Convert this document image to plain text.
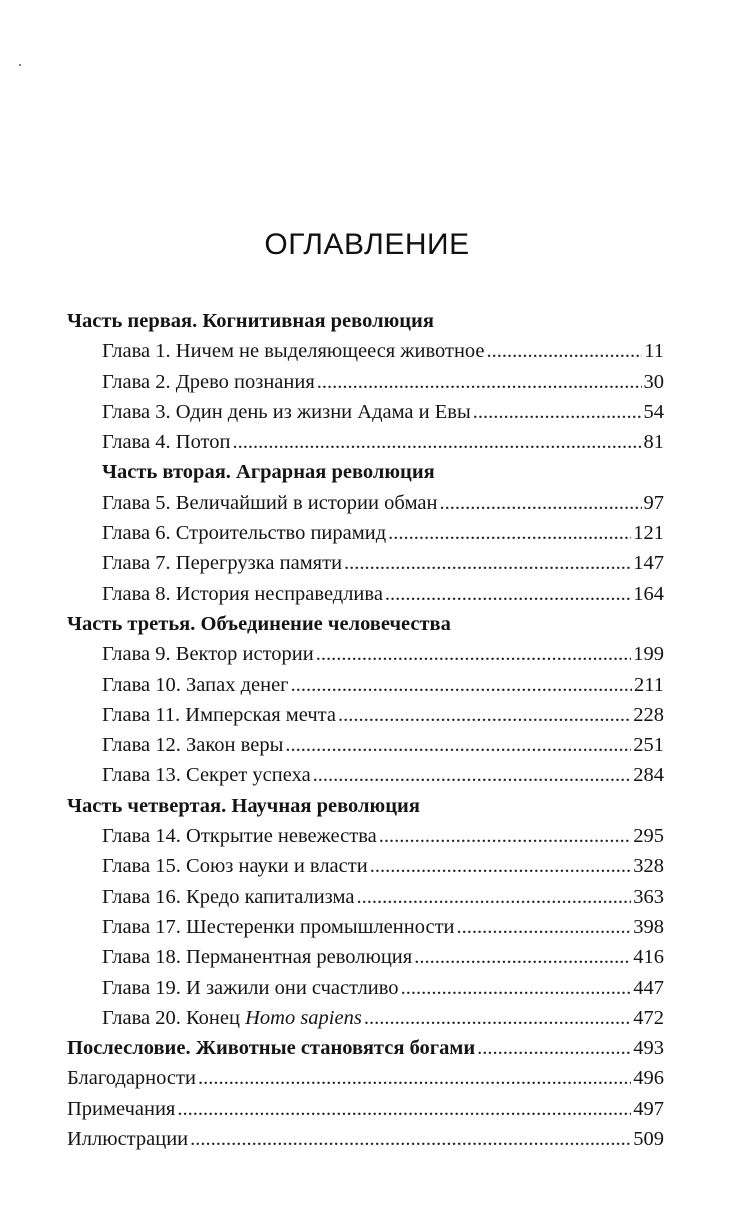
ОГЛАВЛЕНИЕ
Часть первая. Когнитивная революция
Глава 1. Ничем не выделяющееся животное .....	11
Глава 2. Древо познания .....	30
Глава 3. Один день из жизни Адама и Евы .....	54
Глава 4. Потоп .....	81
Часть вторая. Аграрная революция
Глава 5. Величайший в истории обман .....	97
Глава 6. Строительство пирамид .....	121
Глава 7. Перегрузка памяти .....	147
Глава 8. История несправедлива .....	164
Часть третья. Объединение человечества
Глава 9. Вектор истории .....	199
Глава 10. Запах денег .....	211
Глава 11. Имперская мечта .....	228
Глава 12. Закон веры .....	251
Глава 13. Секрет успеха .....	284
Часть четвертая. Научная революция
Глава 14. Открытие невежества .....	295
Глава 15. Союз науки и власти .....	328
Глава 16. Кредо капитализма .....	363
Глава 17. Шестеренки промышленности .....	398
Глава 18. Перманентная революция .....	416
Глава 19. И зажили они счастливо .....	447
Глава 20. Конец Homo sapiens .....	472
Послесловие. Животные становятся богами .....	493
Благодарности .....	496
Примечания .....	497
Иллюстрации .....	509
